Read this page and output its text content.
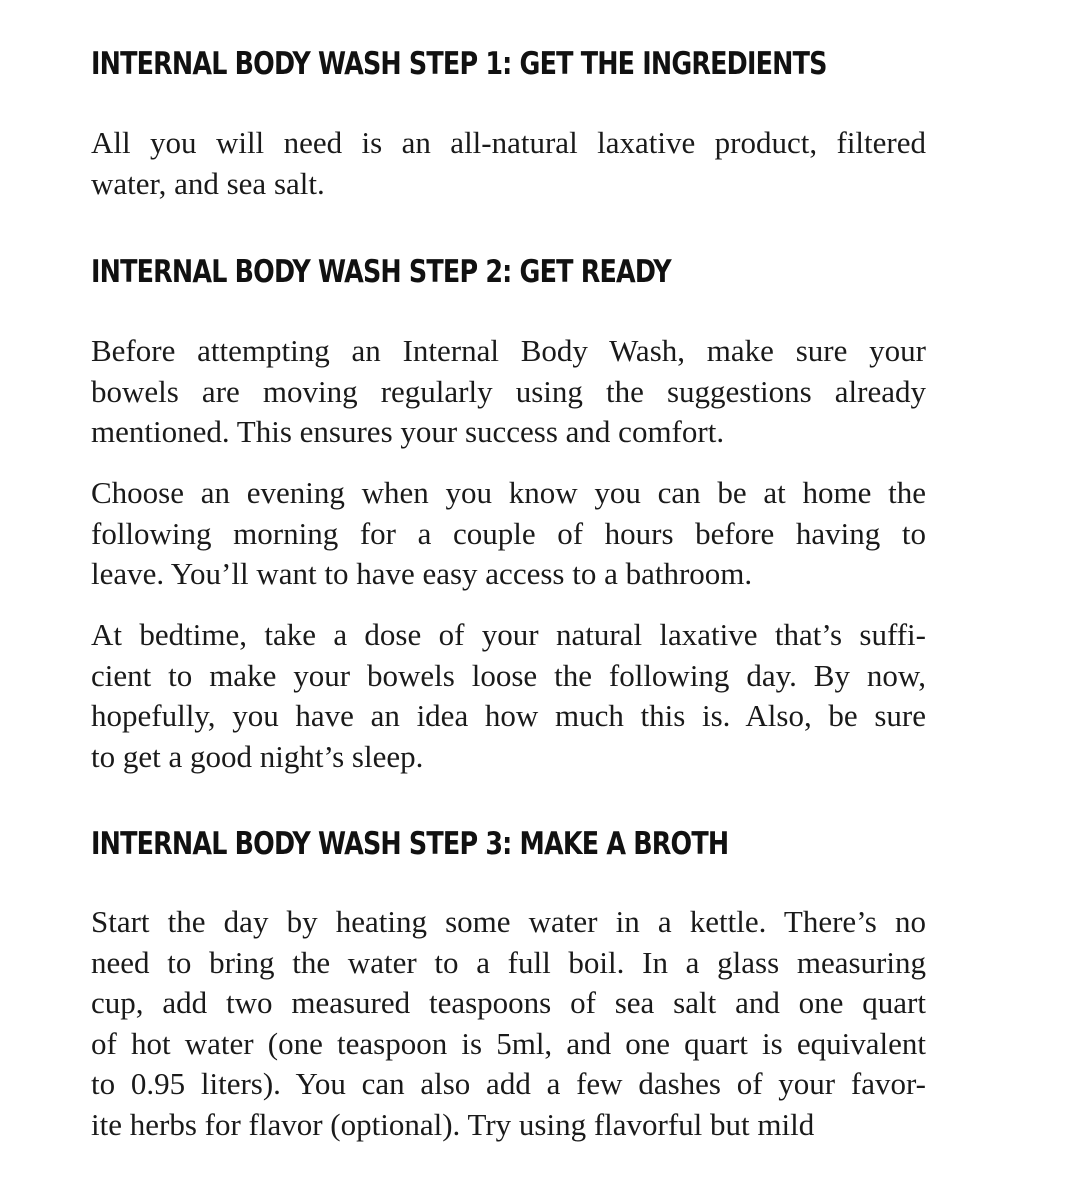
INTERNAL BODY WASH STEP 1: GET THE INGREDIENTS
All you will need is an all-natural laxative product, filtered
water, and sea salt.
INTERNAL BODY WASH STEP 2: GET READY
Before attempting an Internal Body Wash, make sure your
bowels are moving regularly using the suggestions already
mentioned. This ensures your success and comfort.
Choose an evening when you know you can be at home the
following morning for a couple of hours before having to
leave. You’ll want to have easy access to a bathroom.
At bedtime, take a dose of your natural laxative that’s suffi-
cient to make your bowels loose the following day. By now,
hopefully, you have an idea how much this is. Also, be sure
to get a good night’s sleep.
INTERNAL BODY WASH STEP 3: MAKE A BROTH
Start the day by heating some water in a kettle. There’s no
need to bring the water to a full boil. In a glass measuring
cup, add two measured teaspoons of sea salt and one quart
of hot water (one teaspoon is 5ml, and one quart is equivalent
to 0.95 liters). You can also add a few dashes of your favor-
ite herbs for flavor (optional). Try using flavorful but mild
